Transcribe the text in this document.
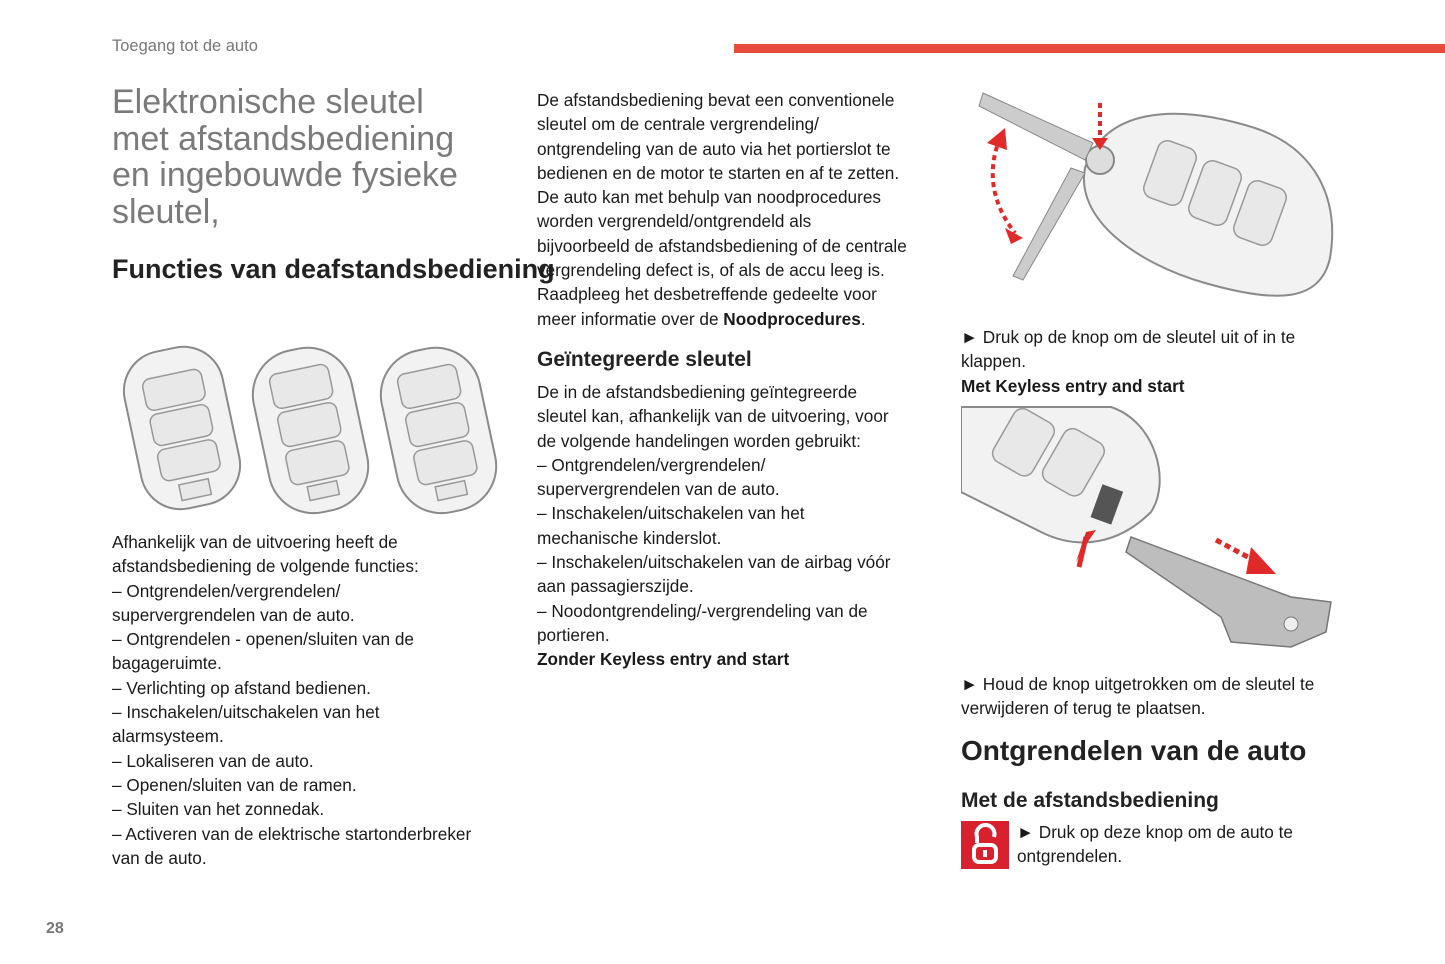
Toegang tot de auto
Elektronische sleutel
met afstandsbediening
en ingebouwde fysieke
sleutel,
Functies van deafstandsbediening
Afhankelijk van de uitvoering heeft de
afstandsbediening de volgende functies:
– Ontgrendelen/vergrendelen/
supervergrendelen van de auto.
– Ontgrendelen - openen/sluiten van de
bagageruimte.
– Verlichting op afstand bedienen.
– Inschakelen/uitschakelen van het
alarmsysteem.
– Lokaliseren van de auto.
– Openen/sluiten van de ramen.
– Sluiten van het zonnedak.
– Activeren van de elektrische startonderbreker
van de auto.
De afstandsbediening bevat een conventionele
sleutel om de centrale vergrendeling/
ontgrendeling van de auto via het portierslot te
bedienen en de motor te starten en af te zetten.
De auto kan met behulp van noodprocedures
worden vergrendeld/ontgrendeld als
bijvoorbeeld de afstandsbediening of de centrale
vergrendeling defect is, of als de accu leeg is.
Raadpleeg het desbetreffende gedeelte voor
meer informatie over de Noodprocedures.
Geïntegreerde sleutel
De in de afstandsbediening geïntegreerde
sleutel kan, afhankelijk van de uitvoering, voor
de volgende handelingen worden gebruikt:
– Ontgrendelen/vergrendelen/
supervergrendelen van de auto.
– Inschakelen/uitschakelen van het
mechanische kinderslot.
– Inschakelen/uitschakelen van de airbag vóór
aan passagierszijde.
– Noodontgrendeling/-vergrendeling van de
portieren.
Zonder Keyless entry and start
► Druk op de knop om de sleutel uit of in te
klappen.
Met Keyless entry and start
► Houd de knop uitgetrokken om de sleutel te
verwijderen of terug te plaatsen.
Ontgrendelen van de auto
Met de afstandsbediening
► Druk op deze knop om de auto te
ontgrendelen.
28
